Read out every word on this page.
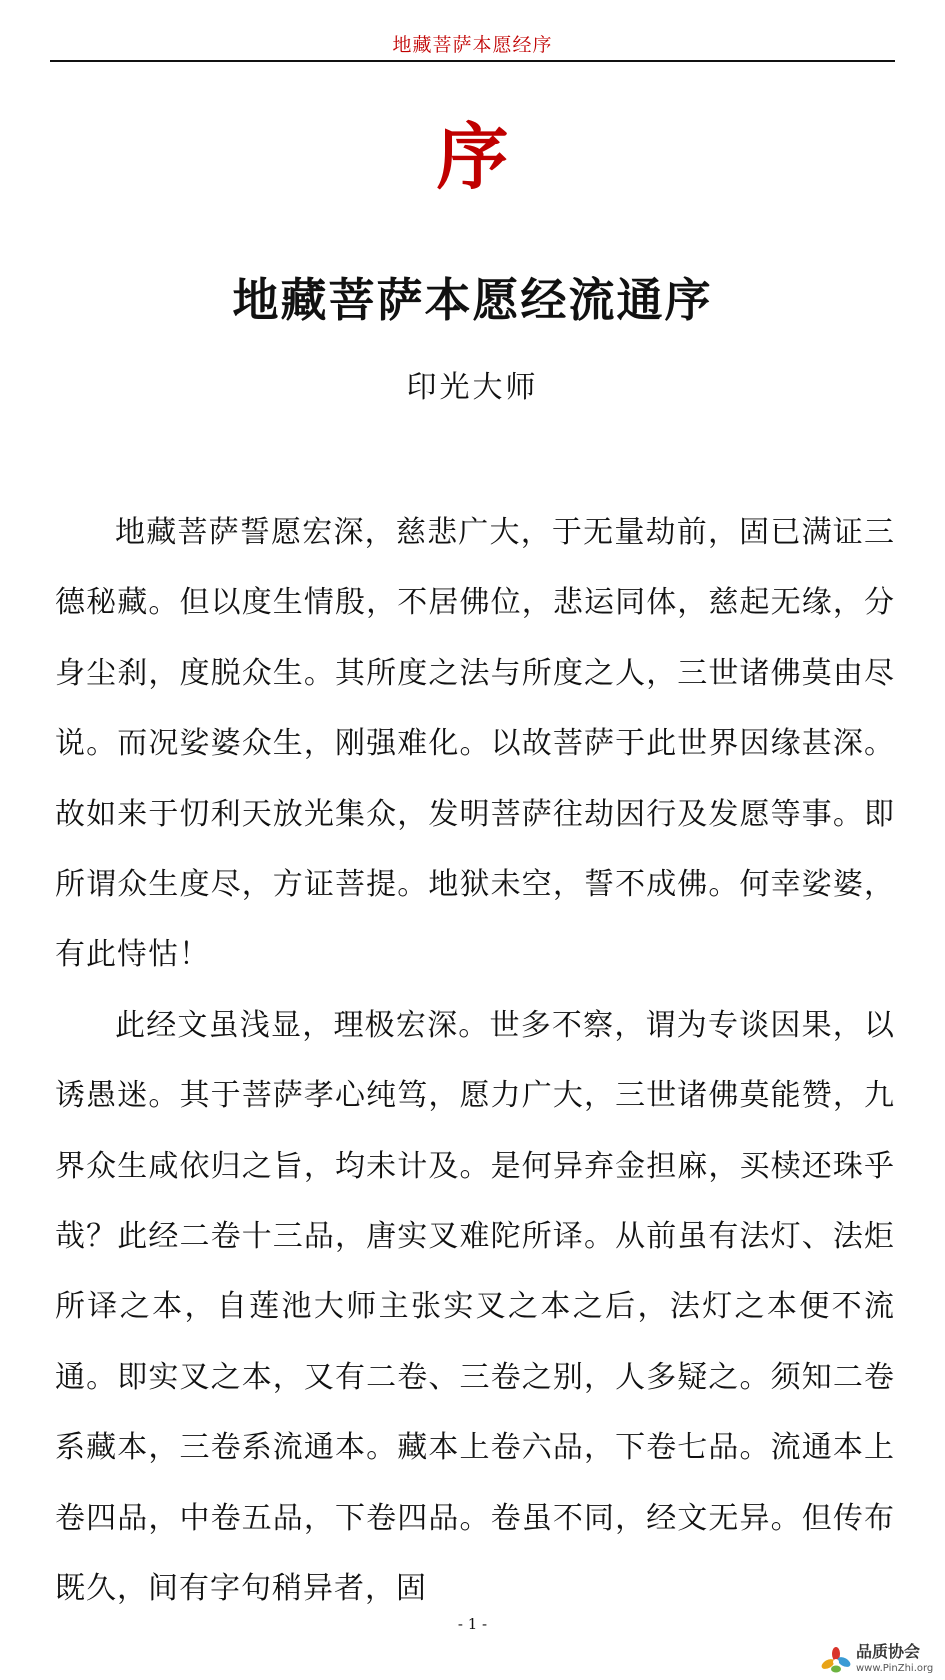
地藏菩萨本愿经序
序
地藏菩萨本愿经流通序
印光大师

地藏菩萨誓愿宏深，慈悲广大，于无量劫前，固已满证三德秘藏。但以度生情殷，不居佛位，悲运同体，慈起无缘，分身尘刹，度脱众生。其所度之法与所度之人，三世诸佛莫由尽说。而况娑婆众生，刚强难化。以故菩萨于此世界因缘甚深。故如来于忉利天放光集众，发明菩萨往劫因行及发愿等事。即所谓众生度尽，方证菩提。地狱未空，誓不成佛。何幸娑婆，有此恃怙！

此经文虽浅显，理极宏深。世多不察，谓为专谈因果，以诱愚迷。其于菩萨孝心纯笃，愿力广大，三世诸佛莫能赞，九界众生咸依归之旨，均未计及。是何异弃金担麻，买椟还珠乎哉？此经二卷十三品，唐实叉难陀所译。从前虽有法灯、法炬所译之本，自莲池大师主张实叉之本之后，法灯之本便不流通。即实叉之本，又有二卷、三卷之别，人多疑之。须知二卷系藏本，三卷系流通本。藏本上卷六品，下卷七品。流通本上卷四品，中卷五品，下卷四品。卷虽不同，经文无异。但传布既久，间有字句稍异者，固

- 1 -
品质协会
www.PinZhi.org
